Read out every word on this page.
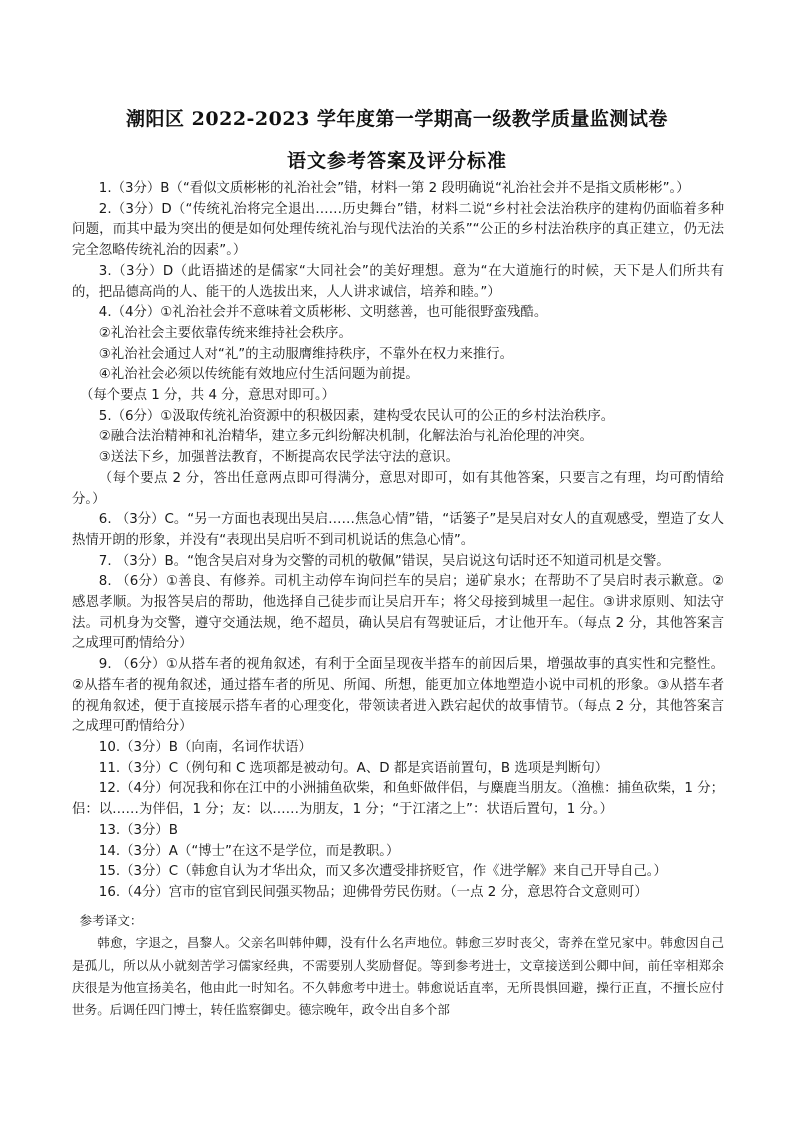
潮阳区 2022-2023 学年度第一学期高一级教学质量监测试卷
语文参考答案及评分标准

1.（3分）B（“看似文质彬彬的礼治社会”错，材料一第 2 段明确说“礼治社会并不是指文质彬彬”。）

2.（3分）D（“传统礼治将完全退出……历史舞台”错，材料二说“乡村社会法治秩序的建构仍面临着多种问题，而其中最为突出的便是如何处理传统礼治与现代法治的关系”“公正的乡村法治秩序的真正建立，仍无法完全忽略传统礼治的因素”。）

3.（3分）D（此语描述的是儒家“大同社会”的美好理想。意为“在大道施行的时候，天下是人们所共有的，把品德高尚的人、能干的人选拔出来，人人讲求诚信，培养和睦。”）

4.（4分）①礼治社会并不意味着文质彬彬、文明慈善，也可能很野蛮残酷。

②礼治社会主要依靠传统来维持社会秩序。

③礼治社会通过人对“礼”的主动服膺维持秩序，不靠外在权力来推行。

④礼治社会必须以传统能有效地应付生活问题为前提。

（每个要点 1 分，共 4 分，意思对即可。）

5.（6分）①汲取传统礼治资源中的积极因素，建构受农民认可的公正的乡村法治秩序。

②融合法治精神和礼治精华，建立多元纠纷解决机制，化解法治与礼治伦理的冲突。

③送法下乡，加强普法教育，不断提高农民学法守法的意识。

（每个要点 2 分，答出任意两点即可得满分，意思对即可，如有其他答案，只要言之有理，均可酌情给分。）

6. （3分）C。“另一方面也表现出吴启……焦急心情”错，“话篓子”是吴启对女人的直观感受，塑造了女人热情开朗的形象，并没有“表现出吴启听不到司机说话的焦急心情”。

7. （3分）B。“饱含吴启对身为交警的司机的敬佩”错误，吴启说这句话时还不知道司机是交警。

8. （6分）①善良、有修养。司机主动停车询问拦车的吴启；递矿泉水；在帮助不了吴启时表示歉意。②感恩孝顺。为报答吴启的帮助，他选择自己徒步而让吴启开车；将父母接到城里一起住。③讲求原则、知法守法。司机身为交警，遵守交通法规，绝不超员，确认吴启有驾驶证后，才让他开车。（每点 2 分，其他答案言之成理可酌情给分）

9. （6分）①从搭车者的视角叙述，有利于全面呈现夜半搭车的前因后果，增强故事的真实性和完整性。②从搭车者的视角叙述，通过搭车者的所见、所闻、所想，能更加立体地塑造小说中司机的形象。③从搭车者的视角叙述，便于直接展示搭车者的心理变化，带领读者进入跌宕起伏的故事情节。（每点 2 分，其他答案言之成理可酌情给分）

10.（3分）B（向南，名词作状语）

11.（3分）C（例句和 C 选项都是被动句。A、D 都是宾语前置句，B 选项是判断句）

12.（4分）何况我和你在江中的小洲捕鱼砍柴，和鱼虾做伴侣，与麋鹿当朋友。（渔樵：捕鱼砍柴，1 分；侣：以……为伴侣，1 分；友：以……为朋友，1 分；“于江渚之上”：状语后置句，1 分。）

13.（3分）B

14.（3分）A（“博士”在这不是学位，而是教职。）

15.（3分）C（韩愈自认为才华出众，而又多次遭受排挤贬官，作《进学解》来自己开导自己。）

16.（4分）宫市的宦官到民间强买物品；迎佛骨劳民伤财。（一点 2 分，意思符合文意则可）

参考译文：

韩愈，字退之，昌黎人。父亲名叫韩仲卿，没有什么名声地位。韩愈三岁时丧父，寄养在堂兄家中。韩愈因自己是孤儿，所以从小就刻苦学习儒家经典，不需要别人奖励督促。等到参考进士，文章接送到公卿中间，前任宰相郑余庆很是为他宣扬美名，他由此一时知名。不久韩愈考中进士。韩愈说话直率，无所畏惧回避，操行正直，不擅长应付世务。后调任四门博士，转任监察御史。德宗晚年，政令出自多个部
